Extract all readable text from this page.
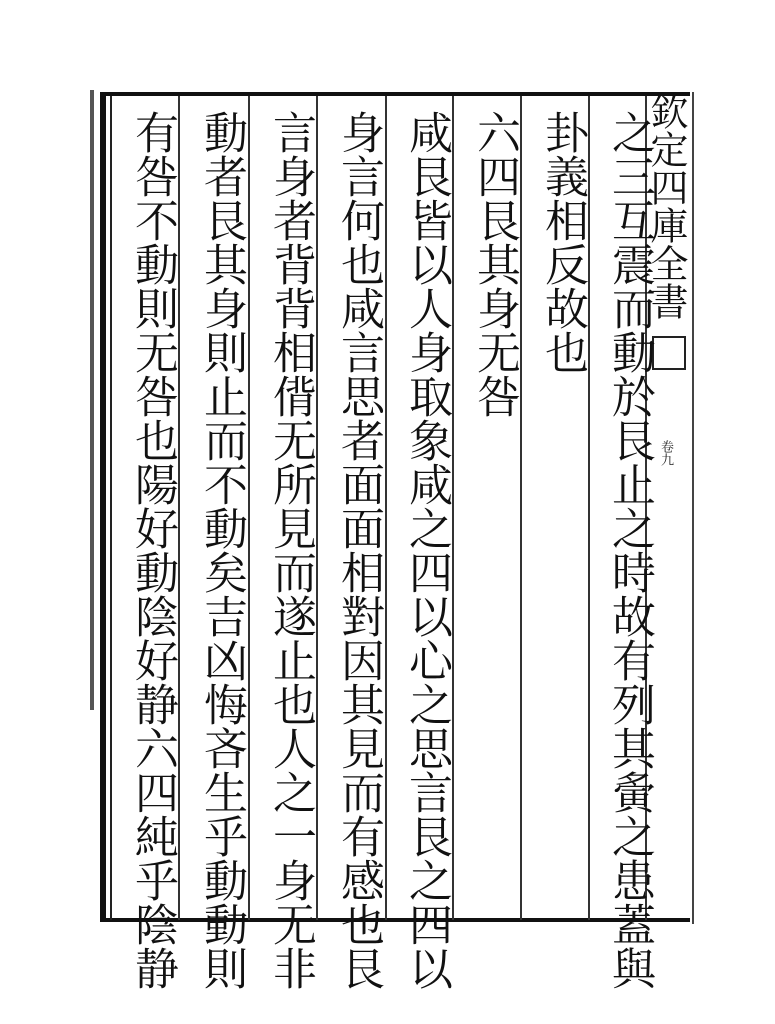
欽定四庫全書
卷九
之三互震而動於艮止之時故有列其夤之患蓋與
卦義相反故也
六四艮其身无咎
咸艮皆以人身取象咸之四以心之思言艮之四以
身言何也咸言思者面面相對因其見而有感也艮
言身者背背相偝无所見而遂止也人之一身无非
動者艮其身則止而不動矣吉凶悔吝生乎動動則
有咎不動則无咎也陽好動陰好静六四純乎陰静
